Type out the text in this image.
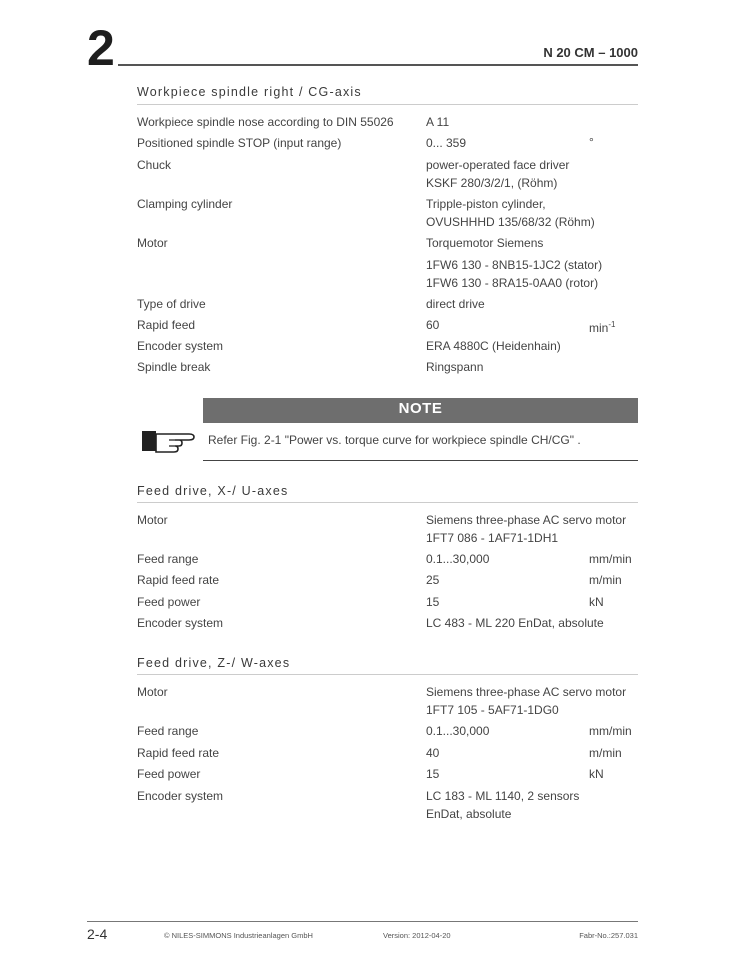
2	N 20 CM – 1000
Workpiece spindle right / CG-axis
Workpiece spindle nose according to DIN 55026	A 11
Positioned spindle STOP (input range)	0... 359	°
Chuck	power-operated face driver
KSKF 280/3/2/1, (Röhm)
Clamping cylinder	Tripple-piston cylinder,
OVUSHHHD 135/68/32 (Röhm)
Motor	Torquemotor Siemens
1FW6 130 - 8NB15-1JC2 (stator)
1FW6 130 - 8RA15-0AA0 (rotor)
Type of drive	direct drive
Rapid feed	60	$\min^{-1}$
Encoder system	ERA 4880C (Heidenhain)
Spindle break	Ringspann
NOTE
Refer Fig. 2-1 "Power vs. torque curve for workpiece spindle CH/CG" .
Feed drive, X-/ U-axes
Motor	Siemens three-phase AC servo motor
1FT7 086 - 1AF71-1DH1
Feed range	0.1...30,000	mm/min
Rapid feed rate	25	m/min
Feed power	15	kN
Encoder system	LC 483 - ML 220 EnDat, absolute
Feed drive, Z-/ W-axes
Motor	Siemens three-phase AC servo motor
1FT7 105 - 5AF71-1DG0
Feed range	0.1...30,000	mm/min
Rapid feed rate	40	m/min
Feed power	15	kN
Encoder system	LC 183 - ML 1140, 2 sensors
EnDat, absolute
2-4	© NILES-SIMMONS Industrieanlagen GmbH	Version: 2012-04-20	Fabr-No.:257.031
